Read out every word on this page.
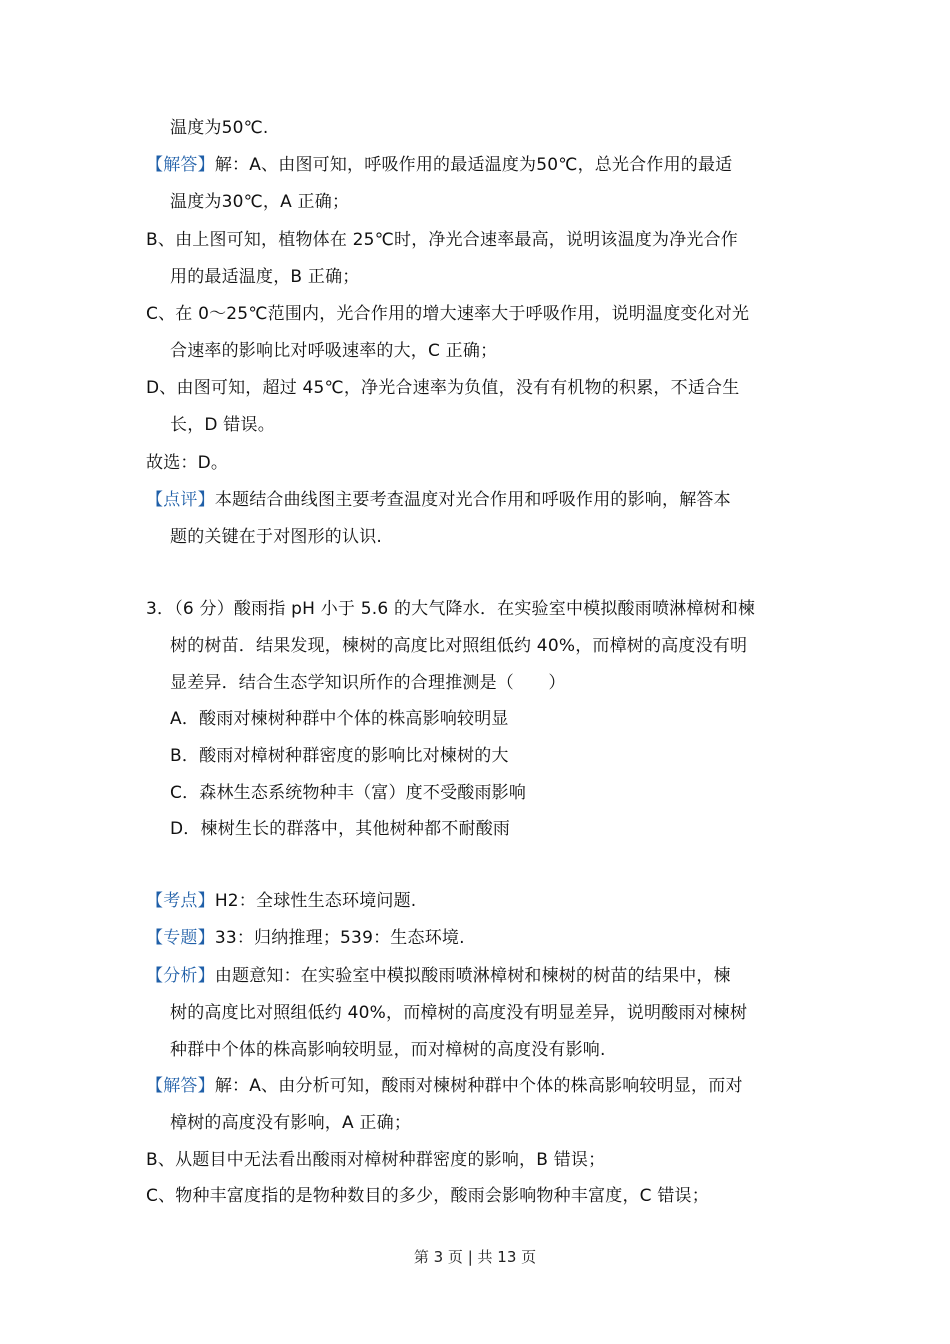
温度为50℃.
【解答】解：A、由图可知，呼吸作用的最适温度为50℃，总光合作用的最适
温度为30℃，A 正确；
B、由上图可知，植物体在 25℃时，净光合速率最高，说明该温度为净光合作
用的最适温度，B 正确；
C、在 0～25℃范围内，光合作用的增大速率大于呼吸作用，说明温度变化对光
合速率的影响比对呼吸速率的大，C 正确；
D、由图可知，超过 45℃，净光合速率为负值，没有有机物的积累，不适合生
长，D 错误。
故选：D。
【点评】本题结合曲线图主要考查温度对光合作用和呼吸作用的影响，解答本
题的关键在于对图形的认识.
3．（6 分）酸雨指 pH 小于 5.6 的大气降水．在实验室中模拟酸雨喷淋樟树和楝
树的树苗．结果发现，楝树的高度比对照组低约 40%，而樟树的高度没有明
显差异．结合生态学知识所作的合理推测是（　　）
A．酸雨对楝树种群中个体的株高影响较明显
B．酸雨对樟树种群密度的影响比对楝树的大
C．森林生态系统物种丰（富）度不受酸雨影响
D．楝树生长的群落中，其他树种都不耐酸雨
【考点】H2：全球性生态环境问题.
【专题】33：归纳推理；539：生态环境.
【分析】由题意知：在实验室中模拟酸雨喷淋樟树和楝树的树苗的结果中，楝
树的高度比对照组低约 40%，而樟树的高度没有明显差异，说明酸雨对楝树
种群中个体的株高影响较明显，而对樟树的高度没有影响.
【解答】解：A、由分析可知，酸雨对楝树种群中个体的株高影响较明显，而对
樟树的高度没有影响，A 正确；
B、从题目中无法看出酸雨对樟树种群密度的影响，B 错误；
C、物种丰富度指的是物种数目的多少，酸雨会影响物种丰富度，C 错误；
第 3 页 | 共 13 页
